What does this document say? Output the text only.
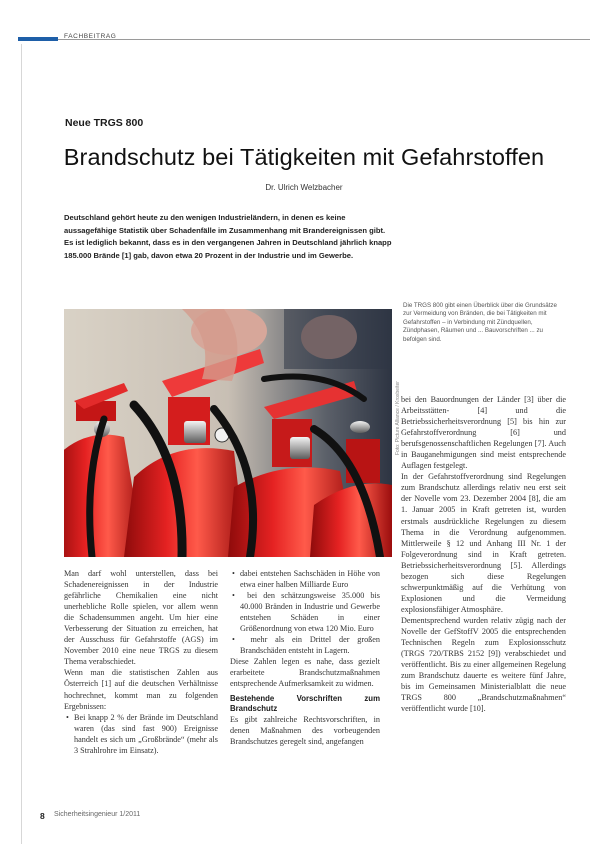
FACHBEITRAG
Neue TRGS 800
Brandschutz bei Tätigkeiten mit Gefahrstoffen
Dr. Ulrich Welzbacher
Deutschland gehört heute zu den wenigen Industrieländern, in denen es keine aussagefähige Statistik über Schadenfälle im Zusammenhang mit Brandereignissen gibt. Es ist lediglich bekannt, dass es in den vergangenen Jahren in Deutschland jährlich knapp 185.000 Brände [1] gab, davon etwa 20 Prozent in der Industrie und im Gewerbe.
Die TRGS 800 gibt einen Überblick über die Grundsätze zur Vermeidung von Bränden, die bei Tätigkeiten mit Gefahrstoffen – in Verbindung mit Zündquellen, Zündphasen, Räumen und ... Bauvorschriften ... zu befolgen sind.
Foto: Picture Alliance / Kroxbeiter

Man darf wohl unterstellen, dass bei Schadenereignissen in der Industrie gefährliche Chemikalien eine nicht unerhebliche Rolle spielen, vor allem wenn die Schadensummen angeht. Um hier eine Verbesserung der Situation zu erreichen, hat der Ausschuss für Gefahrstoffe (AGS) im November 2010 eine neue TRGS zu diesem Thema verabschiedet.

Wenn man die statistischen Zahlen aus Österreich [1] auf die deutschen Verhältnisse hochrechnet, kommt man zu folgenden Ergebnissen:

•  Bei knapp 2 % der Brände im Deutschland waren (das sind fast 900) Ereignisse handelt es sich um „Großbrände“ (mehr als 3 Strahlrohre im Einsatz).

•  dabei entstehen Sachschäden in Höhe von etwa einer halben Milliarde Euro

•  bei den schätzungsweise 35.000 bis 40.000 Bränden in Industrie und Gewerbe entstehen Schäden in einer Größenordnung von etwa 120 Mio. Euro

•  mehr als ein Drittel der großen Brandschäden entsteht in Lagern.

Diese Zahlen legen es nahe, dass gezielt erarbeitete Brandschutzmaßnahmen entsprechende Aufmerksamkeit zu widmen.

Bestehende Vorschriften zum Brandschutz

Es gibt zahlreiche Rechtsvorschriften, in denen Maßnahmen des vorbeugenden Brandschutzes geregelt sind, angefangen

bei den Bauordnungen der Länder [3] über die Arbeitsstätten- [4] und die Betriebssicherheitsverordnung [5] bis hin zur Gefahrstoffverordnung [6] und berufsgenossenschaftlichen Regelungen [7]. Auch in Bauganehmigungen sind meist entsprechende Auflagen festgelegt.

In der Gefahrstoffverordnung sind Regelungen zum Brandschutz allerdings relativ neu erst seit der Novelle vom 23. Dezember 2004 [8], die am 1. Januar 2005 in Kraft getreten ist, wurden erstmals ausdrückliche Regelungen zu diesem Thema in die Verordnung aufgenommen. Mittlerweile § 12 und Anhang III Nr. 1 der Folgeverordnung sind in Kraft getreten. Betriebssicherheitsverordnung [5]. Allerdings bezogen sich diese Regelungen schwerpunktmäßig auf die Verhütung von Explosionen und die Vermeidung explosionsfähiger Atmosphäre.

Dementsprechend wurden relativ zügig nach der Novelle der GefStoffV 2005 die entsprechenden Technischen Regeln zum Explosionsschutz (TRGS 720/TRBS 2152 [9]) verabschiedet und veröffentlicht. Bis zu einer allgemeinen Regelung zum Brandschutz dauerte es weitere fünf Jahre, bis im Gemeinsamen Ministerialblatt die neue TRGS 800 „Brandschutzmaßnahmen“ veröffentlicht wurde [10].

8 Sicherheitsingenieur 1/2011
